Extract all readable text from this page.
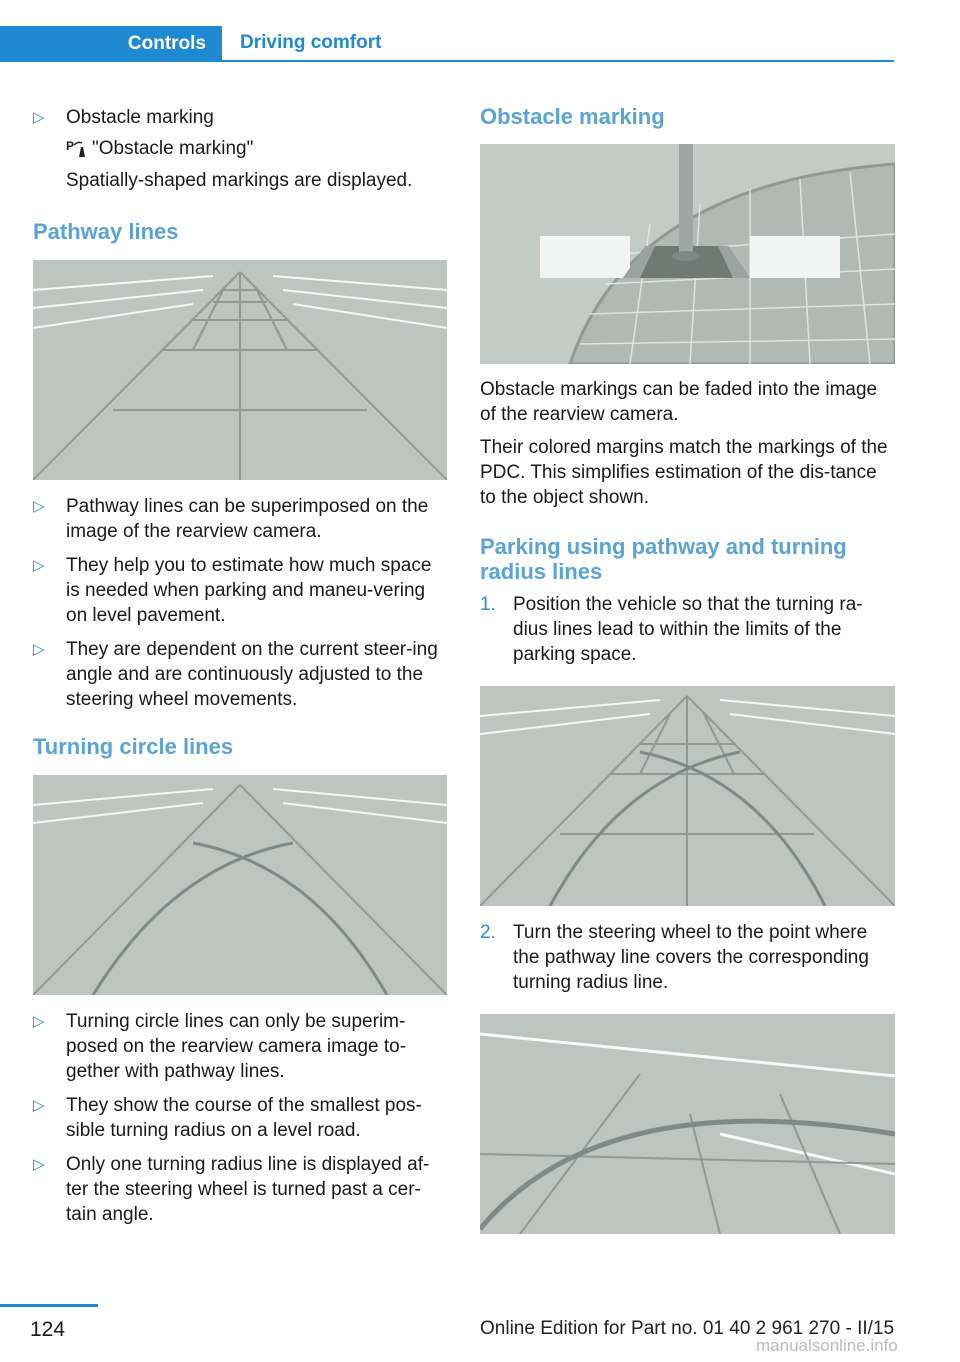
Controls	Driving comfort
▷ Obstacle marking
P "Obstacle marking"
Spatially-shaped markings are displayed.
Pathway lines
▷ Pathway lines can be superimposed on the image of the rearview camera.
▷ They help you to estimate how much space is needed when parking and maneu‐vering on level pavement.
▷ They are dependent on the current steer‐ing angle and are continuously adjusted to the steering wheel movements.
Turning circle lines
▷ Turning circle lines can only be superim‐posed on the rearview camera image to‐gether with pathway lines.
▷ They show the course of the smallest pos‐sible turning radius on a level road.
▷ Only one turning radius line is displayed af‐ter the steering wheel is turned past a cer‐tain angle.
Obstacle marking

Obstacle markings can be faded into the image of the rearview camera.

Their colored margins match the markings of the PDC. This simplifies estimation of the dis‐tance to the object shown.

Parking using pathway and turning radius lines
1. Position the vehicle so that the turning ra‐dius lines lead to within the limits of the parking space.
2. Turn the steering wheel to the point where the pathway line covers the corresponding turning radius line.
124	Online Edition for Part no. 01 40 2 961 270 - II/15
manualsonline.info
